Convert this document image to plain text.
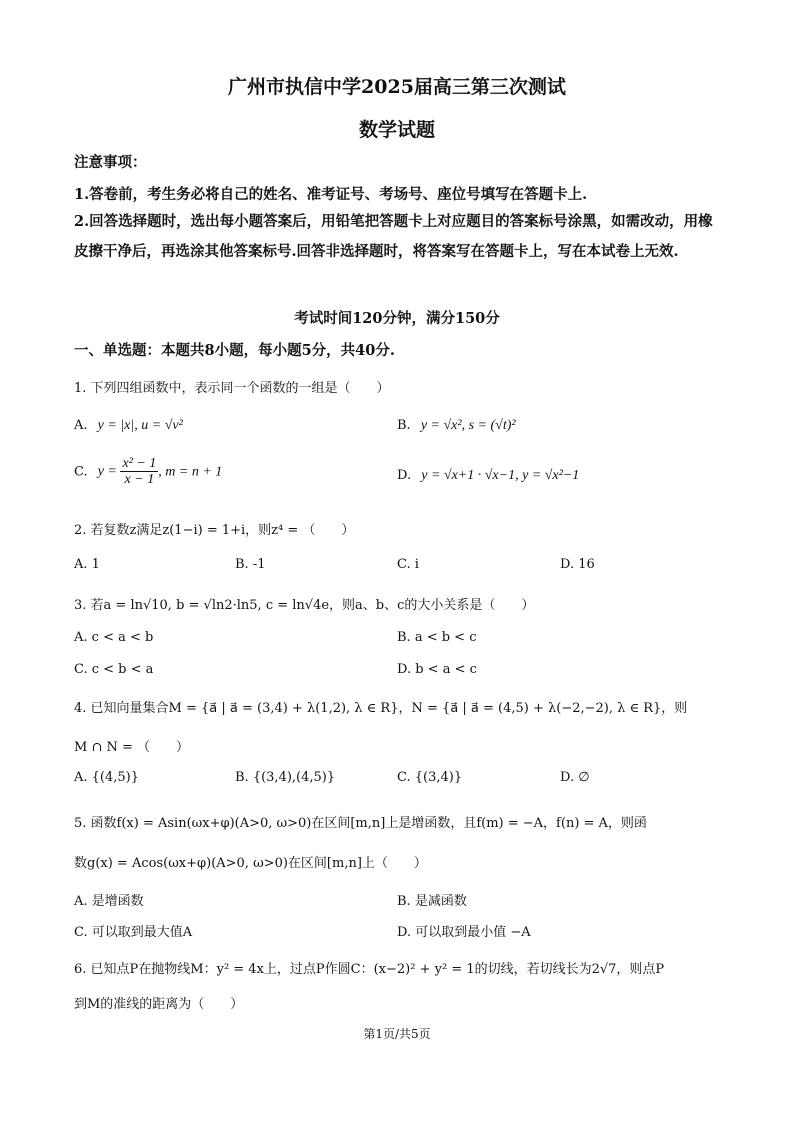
广州市执信中学2025届高三第三次测试
数学试题
注意事项：
1.答卷前，考生务必将自己的姓名、准考证号、考场号、座位号填写在答题卡上.
2.回答选择题时，选出每小题答案后，用铅笔把答题卡上对应题目的答案标号涂黑，如需改动，用橡皮擦干净后，再选涂其他答案标号.回答非选择题时，将答案写在答题卡上，写在本试卷上无效.
考试时间120分钟，满分150分
一、单选题：本题共8小题，每小题5分，共40分.
1. 下列四组函数中，表示同一个函数的一组是（　　）
A. y = |x|, u = √v²	B. y = √x², s = (√t)²
C. $y = \frac{\text{x² − 1}}{x - 1}$ , m = n + 1	D. y = √x+1 · √x−1, y = √x²−1
2. 若复数z满足z(1−i) = 1+i，则z⁴ = （　　）
A. 1	B. -1	C. i	D. 16
3. 若a = ln√10, b = √ln2·ln5, c = ln√4e，则a、b、c的大小关系是（　　）
A. c < a < b	B. a < b < c
C. c < b < a	D. b < a < c
4. 已知向量集合M = {a⃗ | a⃗ = (3,4) + λ(1,2), λ ∈ R}，N = {a⃗ | a⃗ = (4,5) + λ(−2,−2), λ ∈ R}，则
M ∩ N = （　　）
A. {(4,5)}	B. {(3,4),(4,5)}	C. {(3,4)}	D. ∅
5. 函数f(x) = Asin(ωx+φ)(A>0, ω>0)在区间[m,n]上是增函数，且f(m) = −A，f(n) = A，则函
数g(x) = Acos(ωx+φ)(A>0, ω>0)在区间[m,n]上（　　）
A. 是增函数	B. 是减函数
C. 可以取到最大值A	D. 可以取到最小值 −A
6. 已知点P在抛物线M：y² = 4x上，过点P作圆C：(x−2)² + y² = 1的切线，若切线长为2√7，则点P
到M的准线的距离为（　　）
第1页/共5页
